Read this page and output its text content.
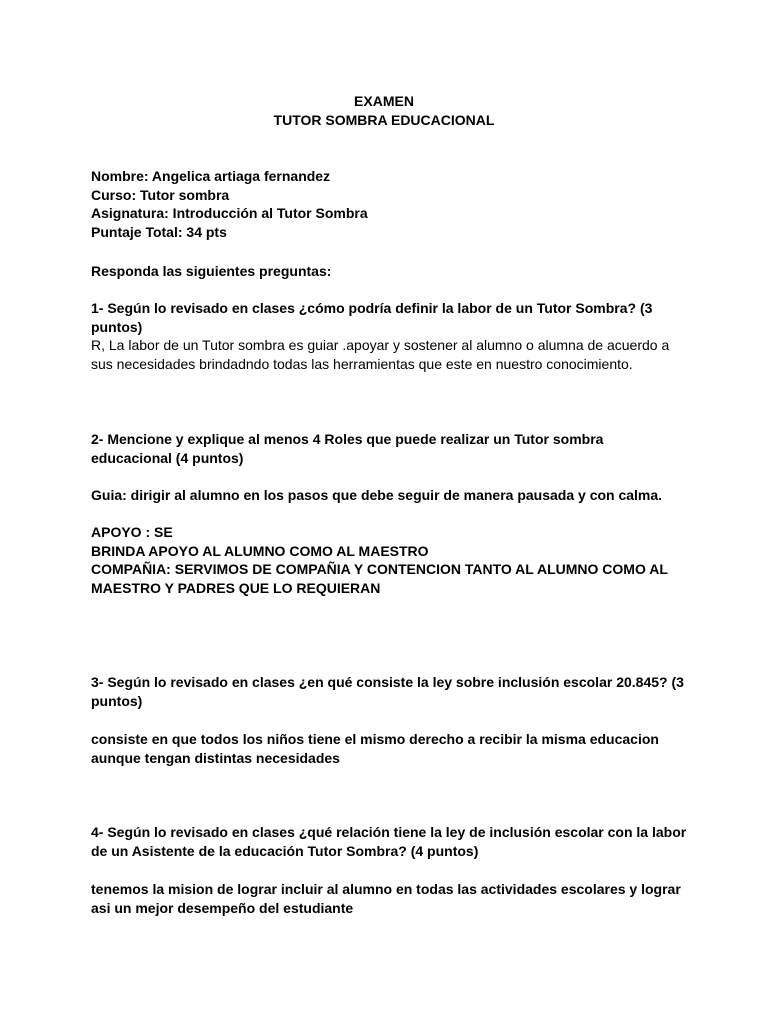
EXAMEN
TUTOR SOMBRA EDUCACIONAL
Nombre: Angelica artiaga fernandez
Curso: Tutor sombra
Asignatura: Introducción al Tutor Sombra
Puntaje Total: 34 pts
Responda las siguientes preguntas:
1- Según lo revisado en clases ¿cómo podría definir la labor de un Tutor Sombra? (3
puntos)
R, La labor de un Tutor sombra es guiar .apoyar y sostener al alumno o alumna de acuerdo a
sus necesidades brindadndo todas las herramientas que este en nuestro conocimiento.
2- Mencione y explique al menos 4 Roles que puede realizar un Tutor sombra
educacional (4 puntos)
Guia: dirigir al alumno en los pasos que debe seguir de manera pausada y con calma.
APOYO : SE
BRINDA APOYO AL ALUMNO COMO AL MAESTRO
COMPAÑIA: SERVIMOS DE COMPAÑIA Y CONTENCION TANTO AL ALUMNO COMO AL
MAESTRO Y PADRES QUE LO REQUIERAN
3- Según lo revisado en clases ¿en qué consiste la ley sobre inclusión escolar 20.845? (3
puntos)
consiste en que todos los niños tiene el mismo derecho a recibir la misma educacion
aunque tengan distintas necesidades
4- Según lo revisado en clases ¿qué relación tiene la ley de inclusión escolar con la labor
de un Asistente de la educación Tutor Sombra? (4 puntos)
tenemos la mision de lograr incluir al alumno en todas las actividades escolares y lograr
asi un mejor desempeño del estudiante
